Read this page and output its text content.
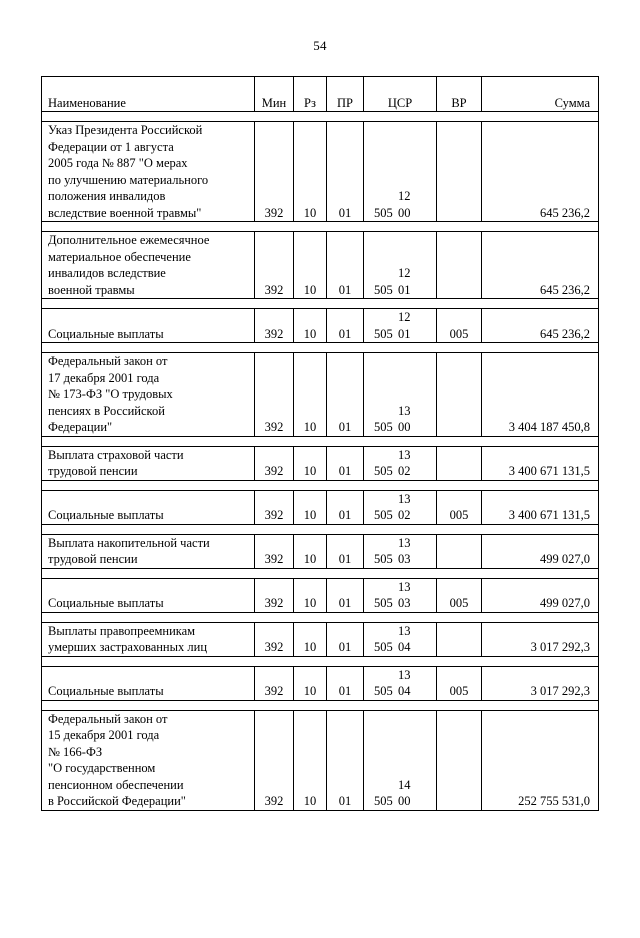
54
Наименование	Мин	Рз	ПР	ЦСР	ВР	Сумма

Указ Президента Российской
Федерации от 1 августа
2005 года № 887 "О мерах
по улучшению материального
положения инвалидов
вследствие военной травмы"	392	10	01	50512 00		645 236,2

Дополнительное ежемесячное
материальное обеспечение
инвалидов вследствие
военной травмы	392	10	01	50512 01		645 236,2

Социальные выплаты	392	10	01	50512 01	005	645 236,2

Федеральный закон от
17 декабря 2001 года
№ 173-ФЗ "О трудовых
пенсиях в Российской
Федерации"	392	10	01	50513 00		3 404 187 450,8

Выплата страховой части
трудовой пенсии	392	10	01	50513 02		3 400 671 131,5

Социальные выплаты	392	10	01	50513 02	005	3 400 671 131,5

Выплата накопительной части
трудовой пенсии	392	10	01	50513 03		499 027,0

Социальные выплаты	392	10	01	50513 03	005	499 027,0

Выплаты правопреемникам
умерших застрахованных лиц	392	10	01	50513 04		3 017 292,3

Социальные выплаты	392	10	01	50513 04	005	3 017 292,3

Федеральный закон от
15 декабря 2001 года
№ 166-ФЗ
"О государственном
пенсионном обеспечении
в Российской Федерации"	392	10	01	50514 00		252 755 531,0
